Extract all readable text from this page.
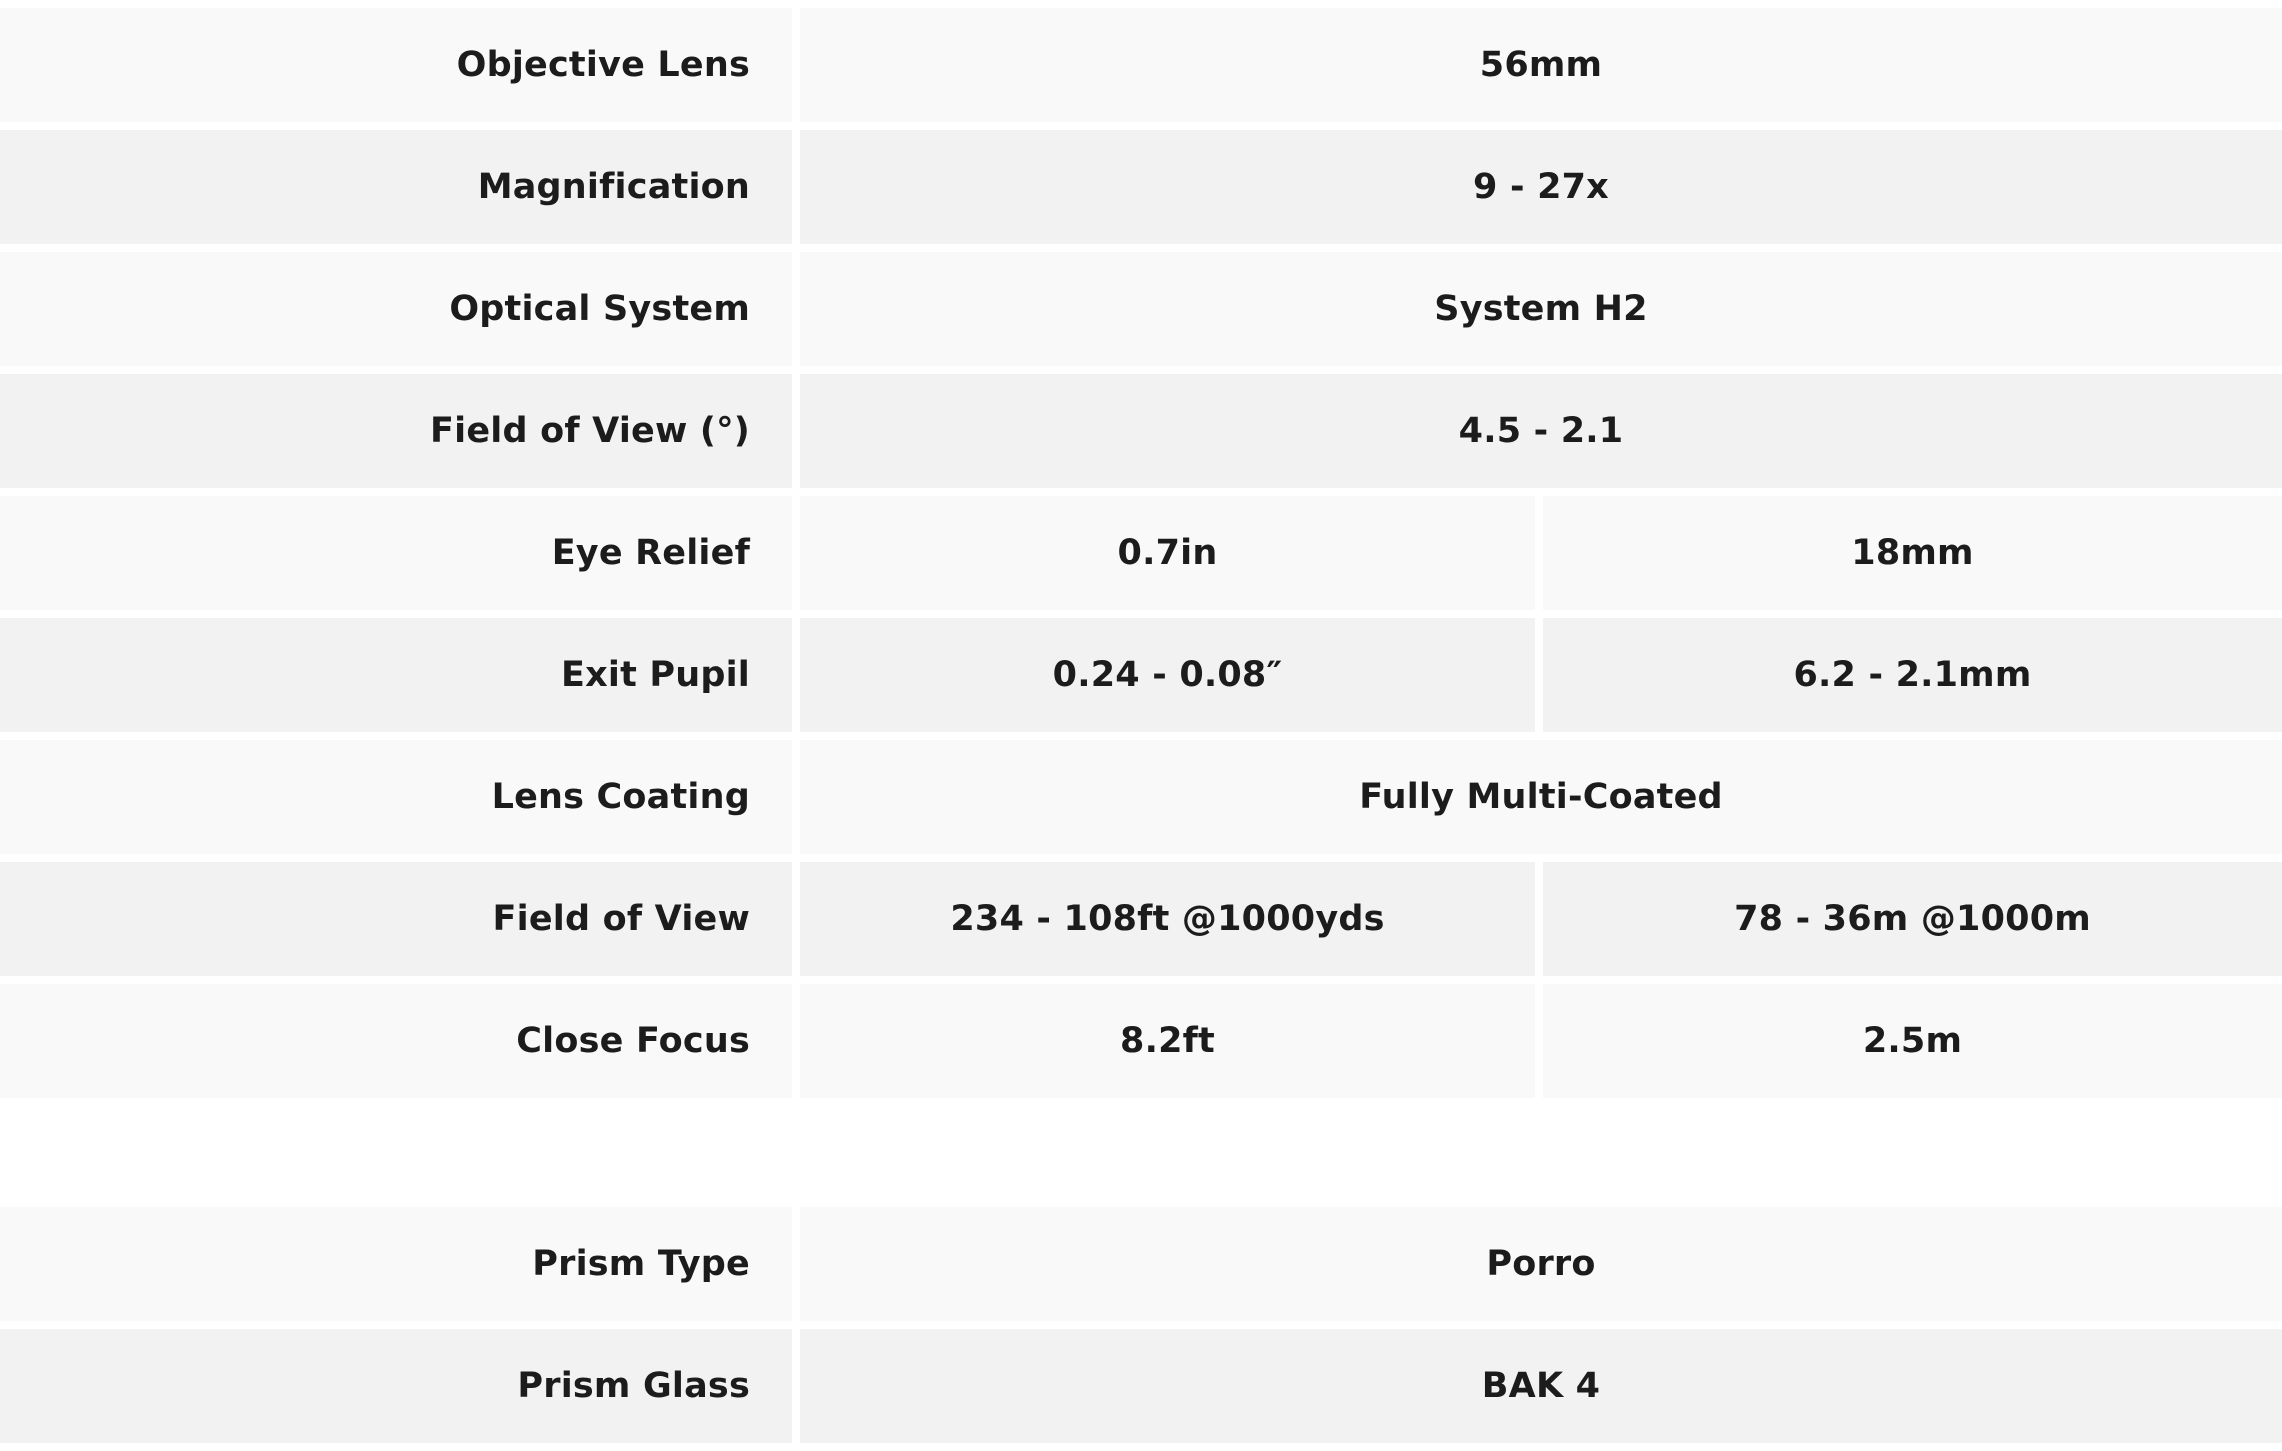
Objective Lens	56mm	
Magnification	9 - 27x	
Optical System	System H2	
Field of View (°)	4.5 - 2.1	
Eye Relief	0.7in	18mm
Exit Pupil	0.24 - 0.08″	6.2 - 2.1mm
Lens Coating	Fully Multi-Coated	
Field of View	234 - 108ft @1000yds	78 - 36m @1000m
Close Focus	8.2ft	2.5m
Prism Type	Porro
Prism Glass	BAK 4
